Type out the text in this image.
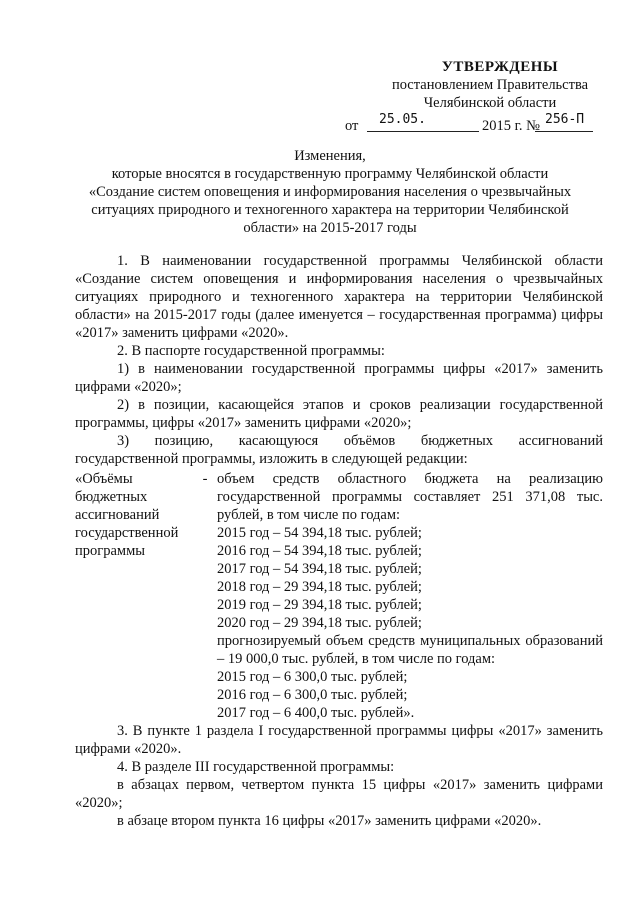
УТВЕРЖДЕНЫ
постановлением Правительства
Челябинской области
от 25.05.	2015 г. № 256-П
Изменения,
которые вносятся в государственную программу Челябинской области
«Создание систем оповещения и информирования населения о чрезвычайных
ситуациях природного и техногенного характера на территории Челябинской
области» на 2015-2017 годы

1. В наименовании государственной программы Челябинской области «Создание систем оповещения и информирования населения о чрезвычайных ситуациях природного и техногенного характера на территории Челябинской области» на 2015-2017 годы (далее именуется – государственная программа) цифры «2017» заменить цифрами «2020».

2. В паспорте государственной программы:

1) в наименовании государственной программы цифры «2017» заменить цифрами «2020»;

2) в позиции, касающейся этапов и сроков реализации государственной программы, цифры «2017» заменить цифрами «2020»;

3) позицию, касающуюся объёмов бюджетных ассигнований

государственной программы, изложить в следующей редакции:

«Объёмы
бюджетных
ассигнований
государственной
программы
- объем средств областного бюджета на реализацию государственной программы составляет 251 371,08 тыс. рублей, в том числе по годам:
2015 год – 54 394,18 тыс. рублей;
2016 год – 54 394,18 тыс. рублей;
2017 год – 54 394,18 тыс. рублей;
2018 год – 29 394,18 тыс. рублей;
2019 год – 29 394,18 тыс. рублей;
2020 год – 29 394,18 тыс. рублей;
прогнозируемый объем средств муниципальных образований – 19 000,0 тыс. рублей, в том числе по годам:
2015 год – 6 300,0 тыс. рублей;
2016 год – 6 300,0 тыс. рублей;
2017 год – 6 400,0 тыс. рублей».

3. В пункте 1 раздела I государственной программы цифры «2017» заменить цифрами «2020».

4. В разделе III государственной программы:

в абзацах первом, четвертом пункта 15 цифры «2017» заменить цифрами «2020»;

в абзаце втором пункта 16 цифры «2017» заменить цифрами «2020».
